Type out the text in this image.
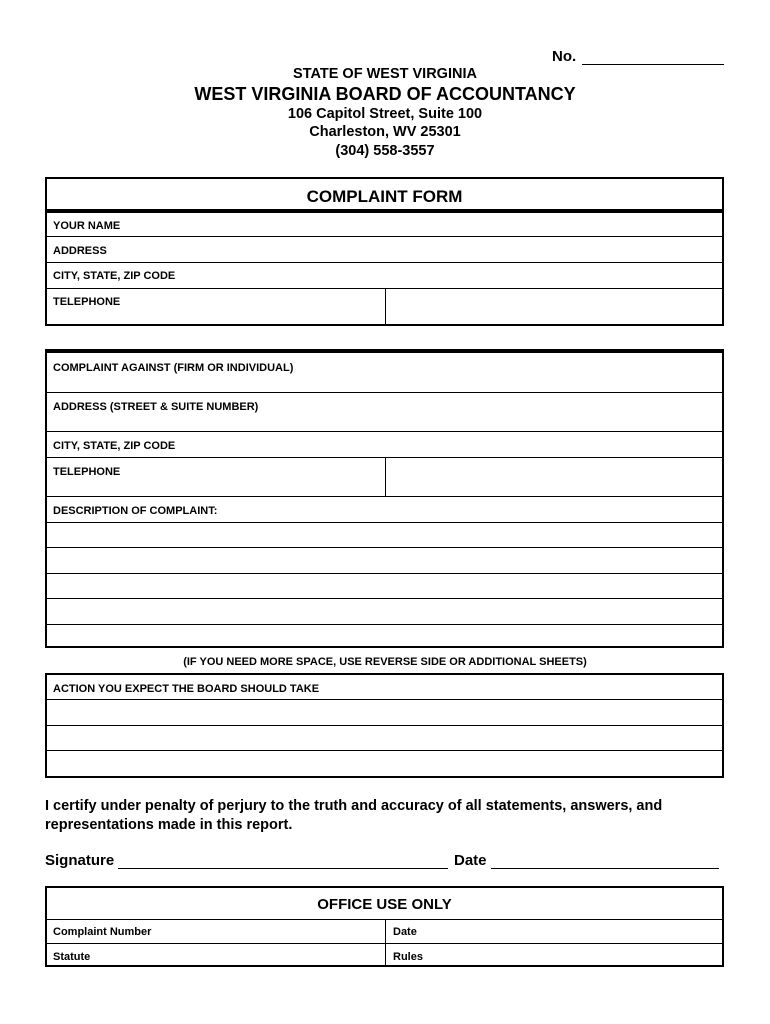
No.
STATE OF WEST VIRGINIA
WEST VIRGINIA BOARD OF ACCOUNTANCY
106 Capitol Street, Suite 100
Charleston, WV 25301
(304) 558-3557
COMPLAINT FORM
YOUR NAME
ADDRESS
CITY, STATE, ZIP CODE
TELEPHONE
COMPLAINT AGAINST (FIRM OR INDIVIDUAL)
ADDRESS (STREET & SUITE NUMBER)
CITY, STATE, ZIP CODE
TELEPHONE
DESCRIPTION OF COMPLAINT:
(IF YOU NEED MORE SPACE, USE REVERSE SIDE OR ADDITIONAL SHEETS)
ACTION YOU EXPECT THE BOARD SHOULD TAKE
I certify under penalty of perjury to the truth and accuracy of all statements, answers, and representations made in this report.
Signature	Date
OFFICE USE ONLY
Complaint Number	Date
Statute	Rules
